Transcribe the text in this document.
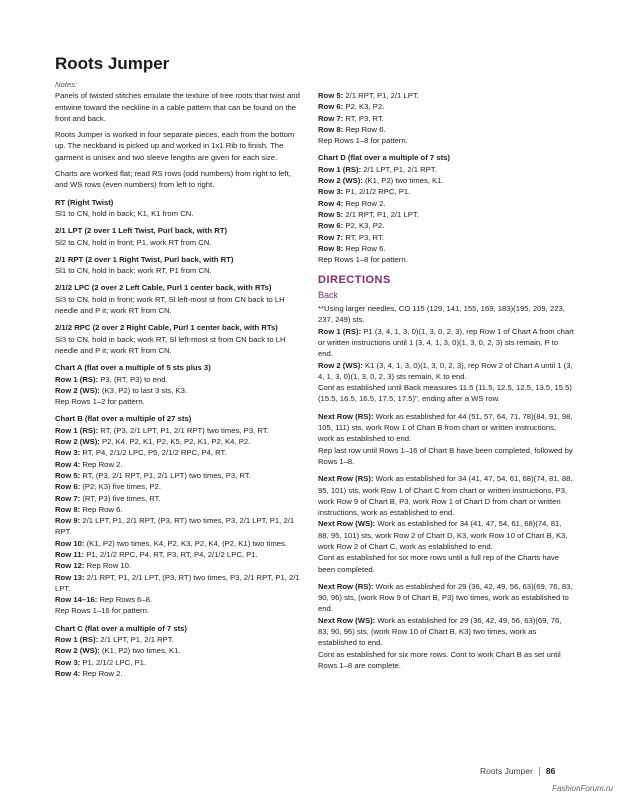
Roots Jumper
Notes:

Panels of twisted stitches emulate the texture of tree roots that twist and entwine toward the neckline in a cable pattern that can be found on the front and back.

Roots Jumper is worked in four separate pieces, each from the bottom up. The neckband is picked up and worked in 1x1 Rib to finish. The garment is unisex and two sleeve lengths are given for each size.

Charts are worked flat; read RS rows (odd numbers) from right to left, and WS rows (even numbers) from left to right.

RT (Right Twist)
Sl1 to CN, hold in back; K1, K1 from CN.
2/1 LPT (2 over 1 Left Twist, Purl back, with RT)
Sl2 to CN, hold in front; P1, work RT from CN.
2/1 RPT (2 over 1 Right Twist, Purl back, with RT)
Sl1 to CN, hold in back; work RT, P1 from CN.
2/1/2 LPC (2 over 2 Left Cable, Purl 1 center back, with RTs)
Sl3 to CN, hold in front; work RT, Sl left-most st from CN back to LH needle and P it; work RT from CN.
2/1/2 RPC (2 over 2 Right Cable, Purl 1 center back, with RTs)
Sl3 to CN, hold in back; work RT, Sl left-most st from CN back to LH needle and P it; work RT from CN.
Chart A (flat over a multiple of 5 sts plus 3)
Row 1 (RS): P3, (RT, P3) to end.
Row 2 (WS): (K3, P2) to last 3 sts, K3.
Rep Rows 1–2 for pattern.
Chart B (flat over a multiple of 27 sts)
Row 1 (RS): RT, (P3, 2/1 LPT, P1, 2/1 RPT) two times, P3, RT.
Row 2 (WS): P2, K4, P2, K1, P2, K5, P2, K1, P2, K4, P2.
Row 3: RT, P4, 2/1/2 LPC, P5, 2/1/2 RPC, P4, RT.
Row 4: Rep Row 2.
Row 5: RT, (P3, 2/1 RPT, P1, 2/1 LPT) two times, P3, RT.
Row 6: (P2, K3) five times, P2.
Row 7: (RT, P3) five times, RT.
Row 8: Rep Row 6.
Row 9: 2/1 LPT, P1, 2/1 RPT, (P3, RT) two times, P3, 2/1 LPT, P1, 2/1 RPT.
Row 10: (K1, P2) two times, K4, P2, K3, P2, K4, (P2, K1) two times.
Row 11: P1, 2/1/2 RPC, P4, RT, P3, RT, P4, 2/1/2 LPC, P1.
Row 12: Rep Row 10.
Row 13: 2/1 RPT, P1, 2/1 LPT, (P3, RT) two times, P3, 2/1 RPT, P1, 2/1 LPT.
Row 14–16: Rep Rows 6–8.
Rep Rows 1–16 for pattern.
Chart C (flat over a multiple of 7 sts)
Row 1 (RS): 2/1 LPT, P1, 2/1 RPT.
Row 2 (WS): (K1, P2) two times, K1.
Row 3: P1, 2/1/2 LPC, P1.
Row 4: Rep Row 2.
Row 5: 2/1 RPT, P1, 2/1 LPT.
Row 6: P2, K3, P2.
Row 7: RT, P3, RT.
Row 8: Rep Row 6.
Rep Rows 1–8 for pattern.
Chart D (flat over a multiple of 7 sts)
Row 1 (RS): 2/1 LPT, P1, 2/1 RPT.
Row 2 (WS): (K1, P2) two times, K1.
Row 3: P1, 2/1/2 RPC, P1.
Row 4: Rep Row 2.
Row 5: 2/1 RPT, P1, 2/1 LPT.
Row 6: P2, K3, P2.
Row 7: RT, P3, RT.
Row 8: Rep Row 6.
Rep Rows 1–8 for pattern.
DIRECTIONS
Back
**Using larger needles, CO 115 (129, 141, 155, 169, 183)(195, 209, 223, 237, 249) sts.
Row 1 (RS): P1 (3, 4, 1, 3, 0)(1, 3, 0, 2, 3), rep Row 1 of Chart A from chart or written instructions until 1 (3, 4, 1, 3, 0)(1, 3, 0, 2, 3) sts remain, P to end.
Row 2 (WS): K1 (3, 4, 1, 3, 0)(1, 3, 0, 2, 3), rep Row 2 of Chart A until 1 (3, 4, 1, 3, 0)(1, 3, 0, 2, 3) sts remain, K to end.
Cont as established until Back measures 11.5 (11.5, 12.5, 12.5, 13.5, 15.5)(15.5, 16.5, 16.5, 17.5, 17.5)", ending after a WS row.
Next Row (RS): Work as established for 44 (51, 57, 64, 71, 78)(84, 91, 98, 105, 111) sts, work Row 1 of Chart B from chart or written instructions, work as established to end.
Rep last row until Rows 1–16 of Chart B have been completed, followed by Rows 1–8.
Next Row (RS): Work as established for 34 (41, 47, 54, 61, 68)(74, 81, 88, 95, 101) sts, work Row 1 of Chart C from chart or written instructions, P3, work Row 9 of Chart B, P3, work Row 1 of Chart D from chart or written instructions, work as established to end.
Next Row (WS): Work as established for 34 (41, 47, 54, 61, 68)(74, 81, 88, 95, 101) sts, work Row 2 of Chart D, K3, work Row 10 of Chart B, K3, work Row 2 of Chart C, work as established to end.
Cont as established for six more rows until a full rep of the Charts have been completed.
Next Row (RS): Work as established for 29 (36, 42, 49, 56, 63)(69, 76, 83, 90, 96) sts, (work Row 9 of Chart B, P3) two times, work as established to end.
Next Row (WS): Work as established for 29 (36, 42, 49, 56, 63)(69, 76, 83, 90, 96) sts, (work Row 10 of Chart B, K3) two times, work as established to end.
Cont as established for six more rows. Cont to work Chart B as set until Rows 1–8 are complete.
Roots Jumper 86
FashionForum.ru
